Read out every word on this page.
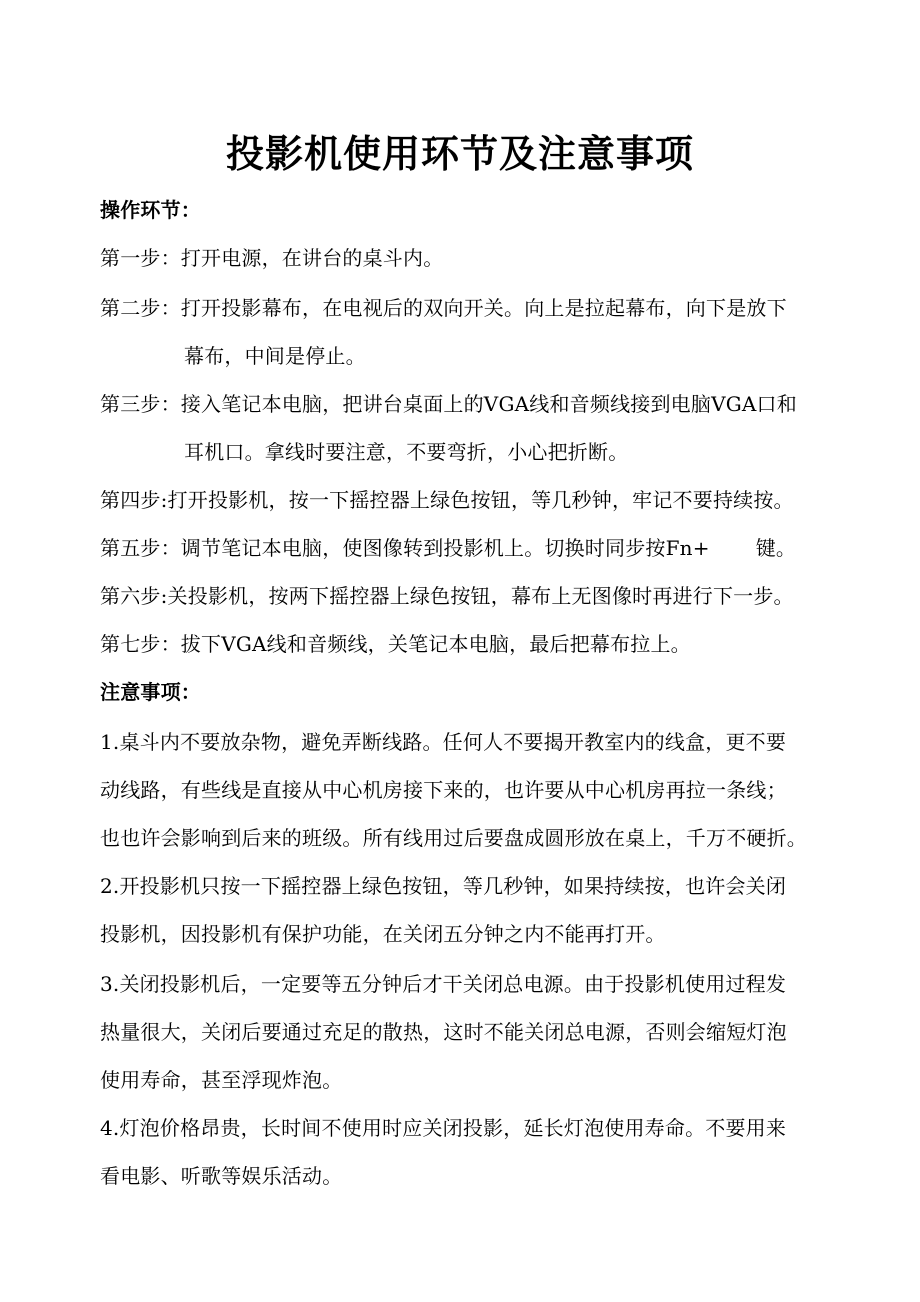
投影机使用环节及注意事项
操作环节：
第一步：打开电源，在讲台的桌斗内。
第二步：打开投影幕布，在电视后的双向开关。向上是拉起幕布，向下是放下
幕布，中间是停止。
第三步：接入笔记本电脑，把讲台桌面上的VGA线和音频线接到电脑VGA口和
耳机口。拿线时要注意，不要弯折，小心把折断。
第四步:打开投影机，按一下摇控器上绿色按钮，等几秒钟，牢记不要持续按。
第五步：调节笔记本电脑，使图像转到投影机上。切换时同步按Fn+ 键。
第六步:关投影机，按两下摇控器上绿色按钮，幕布上无图像时再进行下一步。
第七步：拔下VGA线和音频线，关笔记本电脑，最后把幕布拉上。
注意事项：
1.桌斗内不要放杂物，避免弄断线路。任何人不要揭开教室内的线盒，更不要
动线路，有些线是直接从中心机房接下来的，也许要从中心机房再拉一条线；
也也许会影响到后来的班级。所有线用过后要盘成圆形放在桌上，千万不硬折。
2.开投影机只按一下摇控器上绿色按钮，等几秒钟，如果持续按，也许会关闭
投影机，因投影机有保护功能，在关闭五分钟之内不能再打开。
3.关闭投影机后，一定要等五分钟后才干关闭总电源。由于投影机使用过程发
热量很大，关闭后要通过充足的散热，这时不能关闭总电源，否则会缩短灯泡
使用寿命，甚至浮现炸泡。
4.灯泡价格昂贵，长时间不使用时应关闭投影，延长灯泡使用寿命。不要用来
看电影、听歌等娱乐活动。
